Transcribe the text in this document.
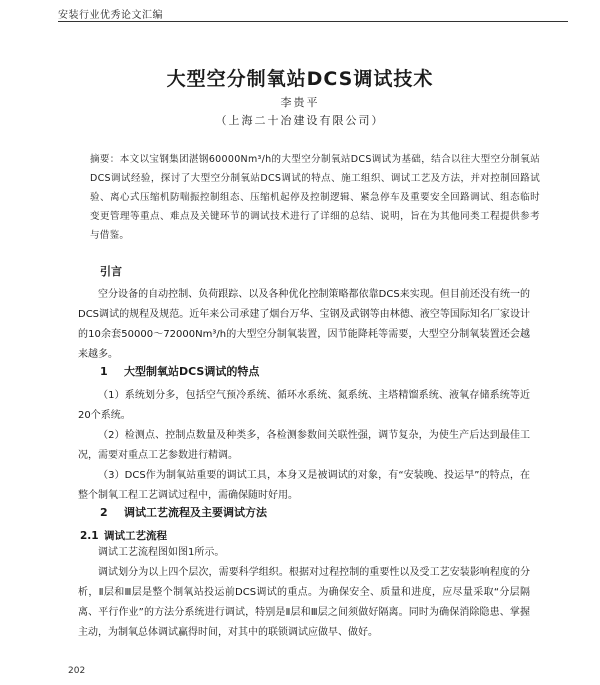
安装行业优秀论文汇编
大型空分制氧站DCS调试技术
李贵平
（上海二十冶建设有限公司）
摘要：本文以宝钢集团湛钢60000Nm³/h的大型空分制氧站DCS调试为基础，结合以往大型空分制氧站DCS调试经验，探讨了大型空分制氧站DCS调试的特点、施工组织、调试工艺及方法，并对控制回路试验、离心式压缩机防喘振控制组态、压缩机起停及控制逻辑、紧急停车及重要安全回路调试、组态临时变更管理等重点、难点及关键环节的调试技术进行了详细的总结、说明，旨在为其他同类工程提供参考与借鉴。
引言

空分设备的自动控制、负荷跟踪、以及各种优化控制策略都依靠DCS来实现。但目前还没有统一的DCS调试的规程及规范。近年来公司承建了烟台万华、宝钢及武钢等由林德、液空等国际知名厂家设计的10余套50000～72000Nm³/h的大型空分制氧装置，因节能降耗等需要，大型空分制氧装置还会越来越多。

1 大型制氧站DCS调试的特点

（1）系统划分多，包括空气预冷系统、循环水系统、氮系统、主塔精馏系统、液氧存储系统等近20个系统。

（2）检测点、控制点数量及种类多，各检测参数间关联性强，调节复杂，为使生产后达到最佳工况，需要对重点工艺参数进行精调。

（3）DCS作为制氧站重要的调试工具，本身又是被调试的对象，有“安装晚、投运早”的特点，在整个制氧工程工艺调试过程中，需确保随时好用。

2 调试工艺流程及主要调试方法
2.1 调试工艺流程

调试工艺流程图如图1所示。

调试划分为以上四个层次，需要科学组织。根据对过程控制的重要性以及受工艺安装影响程度的分析，Ⅱ层和Ⅲ层是整个制氧站投运前DCS调试的重点。为确保安全、质量和进度，应尽量采取“分层隔离、平行作业”的方法分系统进行调试，特别是Ⅱ层和Ⅲ层之间须做好隔离。同时为确保消除隐患、掌握主动，为制氧总体调试赢得时间，对其中的联锁调试应做早、做好。

202
